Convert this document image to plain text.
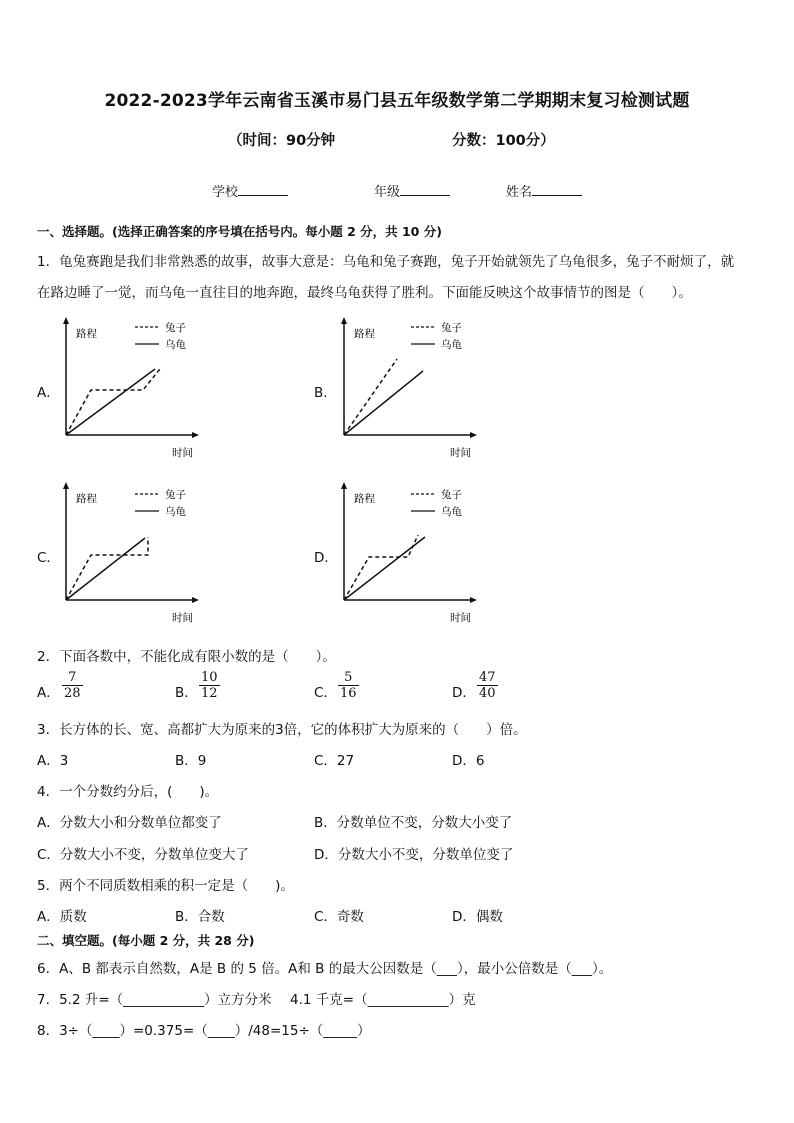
2022-2023学年云南省玉溪市易门县五年级数学第二学期期末复习检测试题
（时间：90分钟	分数：100分）
学校	年级	姓名
一、选择题。(选择正确答案的序号填在括号内。每小题 2 分，共 10 分)
1．龟兔赛跑是我们非常熟悉的故事，故事大意是：乌龟和兔子赛跑，兔子开始就领先了乌龟很多，兔子不耐烦了，就
在路边睡了一觉，而乌龟一直往目的地奔跑，最终乌龟获得了胜利。下面能反映这个故事情节的图是（　　）。
A．
路程
时间
兔子
乌龟
B．
路程
时间
兔子
乌龟
C．
路程
时间
兔子
乌龟
D．
路程
时间
兔子
乌龟
2．下面各数中，不能化成有限小数的是（　　）。
A． $\frac{7}{28}$	B． $\frac{10}{12}$	C． $\frac{5}{16}$	D． $\frac{47}{40}$
3．长方体的长、宽、高都扩大为原来的3倍，它的体积扩大为原来的（　　）倍。
A．3	B．9	C．27	D．6
4．一个分数约分后，(　　)。
A．分数大小和分数单位都变了	B．分数单位不变，分数大小变了
C．分数大小不变，分数单位变大了	D．分数大小不变，分数单位变了
5．两个不同质数相乘的积一定是（　　)。
A．质数	B．合数	C．奇数	D．偶数
二、填空题。(每小题 2 分，共 28 分)
6．A、B 都表示自然数，A是 B 的 5 倍。A和 B 的最大公因数是（___），最小公倍数是（___）。
7．5.2 升=（____________）立方分米 4.1 千克=（____________）克
8．3÷（____）=0.375=（____）/48=15÷（_____）
